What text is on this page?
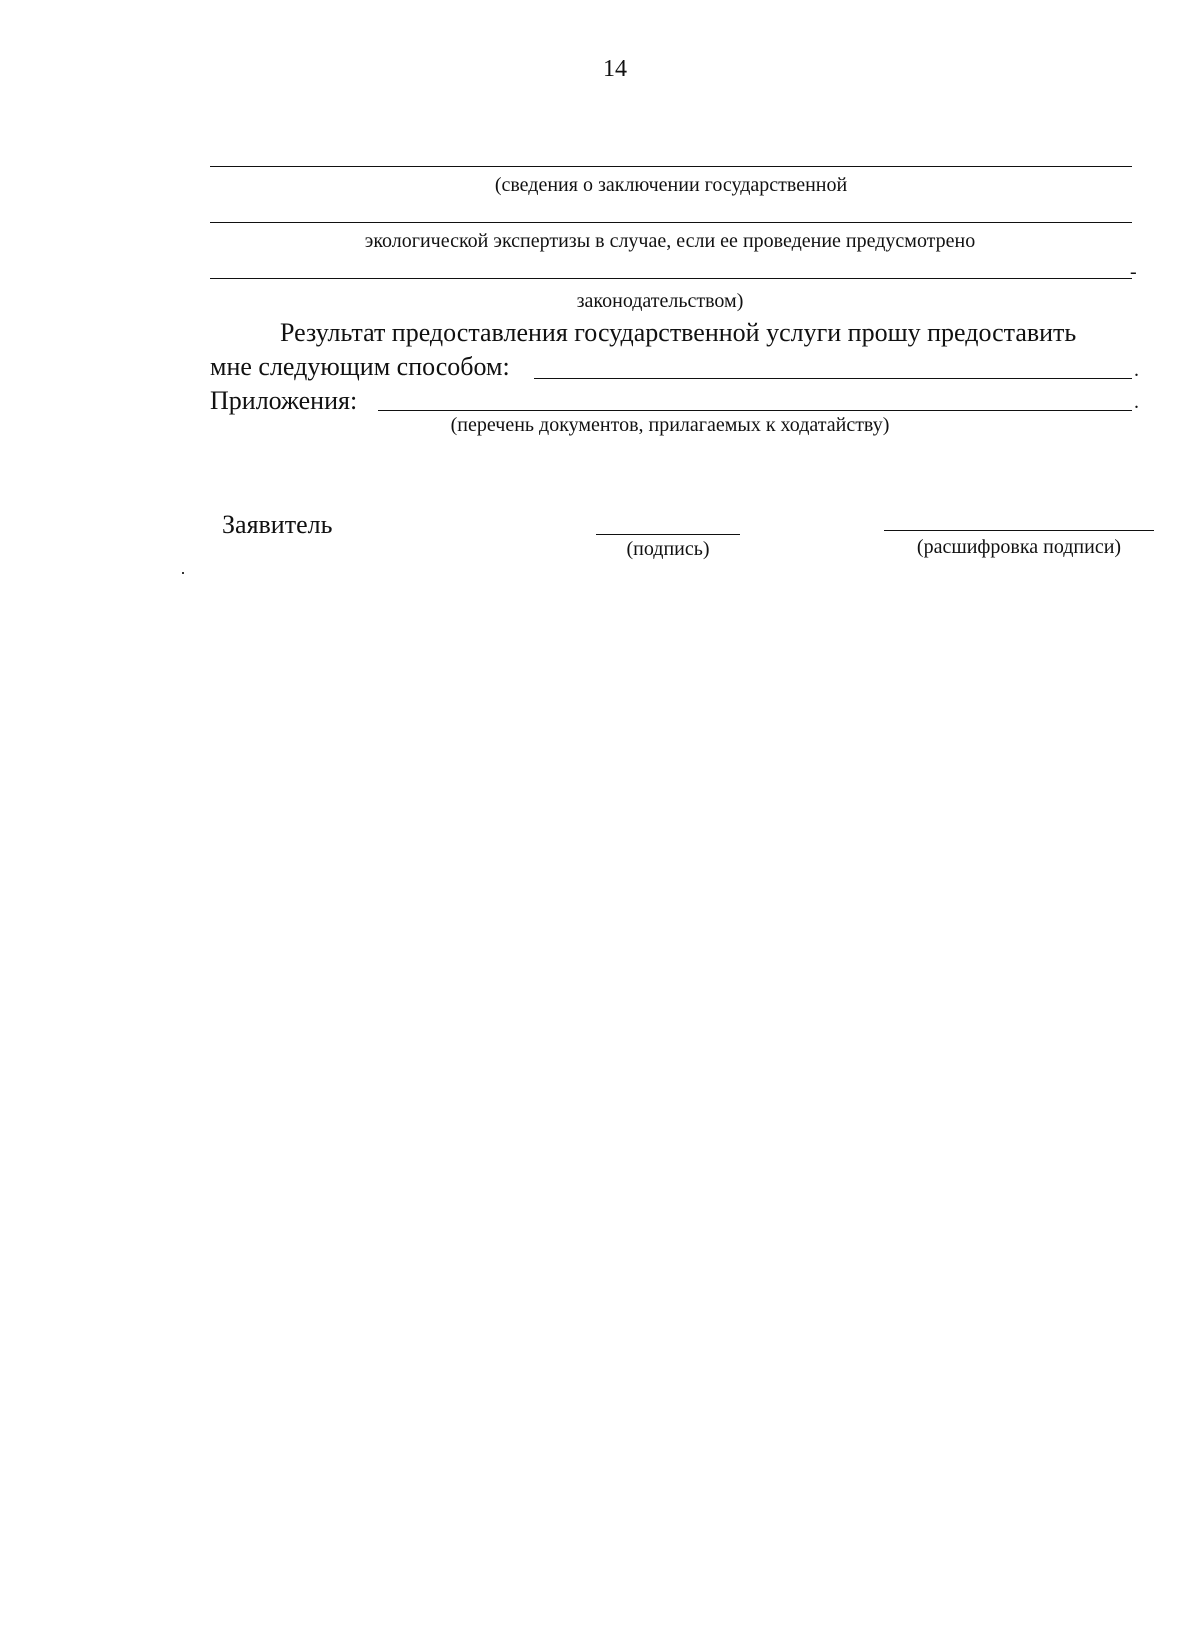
14
(сведения о заключении государственной
экологической экспертизы в случае, если ее проведение предусмотрено
-
законодательством)
Результат предоставления государственной услуги прошу предоставить
мне следующим способом:	.
Приложения:	.
(перечень документов, прилагаемых к ходатайству)
Заявитель
(подпись)	(расшифровка подписи)
